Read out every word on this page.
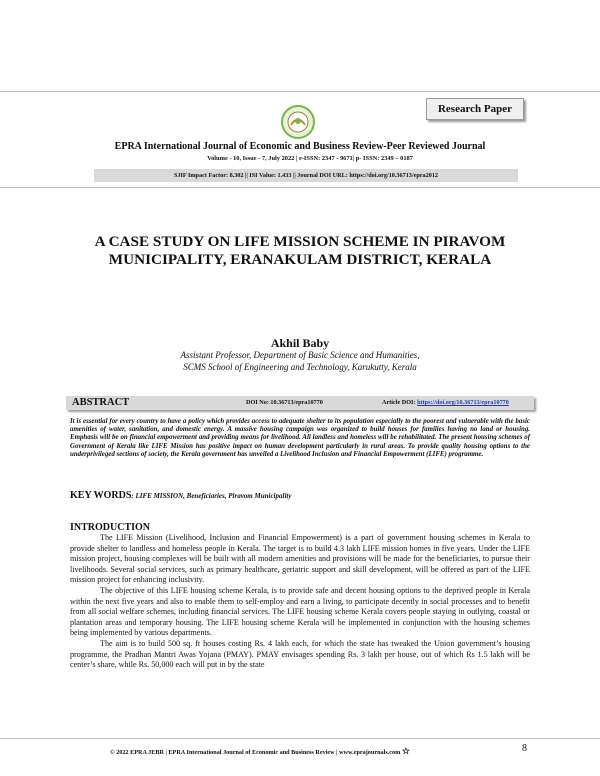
Research Paper
EPRA International Journal of Economic and Business Review-Peer Reviewed Journal
Volume - 10, Issue - 7, July 2022 | e-ISSN: 2347 - 9671| p- ISSN: 2349 – 0187
SJIF Impact Factor: 8.302 || ISI Value: 1.433 || Journal DOI URL: https://doi.org/10.36713/epra2012
A CASE STUDY ON LIFE MISSION SCHEME IN PIRAVOM MUNICIPALITY, ERANAKULAM DISTRICT, KERALA
Akhil Baby
Assistant Professor, Department of Basic Science and Humanities,
SCMS School of Engineering and Technology, Karukutty, Kerala
ABSTRACT	DOI No: 10.36713/epra10770	Article DOI: https://doi.org/10.36713/epra10770
It is essential for every country to have a policy which provides access to adequate shelter to its population especially to the poorest and vulnerable with the basic amenities of water, sanitation, and domestic energy. A massive housing campaign was organized to build houses for families having no land or housing. Emphasis will be on financial empowerment and providing means for livelihood. All landless and homeless will be rehabilitated. The present housing schemes of Government of Kerala like LIFE Mission has positive impact on human development particularly in rural areas. To provide quality housing options to the underprivileged sections of society, the Kerala government has unveiled a Livelihood Inclusion and Financial Empowerment (LIFE) programme.
KEY WORDS: LIFE MISSION, Beneficiaries, Piravom Municipality
INTRODUCTION

The LIFE Mission (Livelihood, Inclusion and Financial Empowerment) is a part of government housing schemes in Kerala to provide shelter to landless and homeless people in Kerala. The target is to build 4.3 lakh LIFE mission homes in five years. Under the LIFE mission project, housing complexes will be built with all modern amenities and provisions will be made for the beneficiaries, to pursue their livelihoods. Several social services, such as primary healthcare, geriatric support and skill development, will be offered as part of the LIFE mission project for enhancing inclusivity.

The objective of this LIFE housing scheme Kerala, is to provide safe and decent housing options to the deprived people in Kerala within the next five years and also to enable them to self-employ and earn a living, to participate decently in social processes and to benefit from all social welfare schemes, including financial services. The LIFE housing scheme Kerala covers people staying in outlying, coastal or plantation areas and temporary housing. The LIFE housing scheme Kerala will be implemented in conjunction with the housing schemes being implemented by various departments.

The aim is to build 500 sq. ft houses costing Rs. 4 lakh each, for which the state has tweaked the Union government’s housing programme, the Pradhan Mantri Awas Yojana (PMAY). PMAY envisages spending Rs. 3 lakh per house, out of which Rs 1.5 lakh will be center’s share, while Rs. 50,000 each will put in by the state

© 2022 EPRA JEBR | EPRA International Journal of Economic and Business Review | www.eprajournals.com ☆	8
